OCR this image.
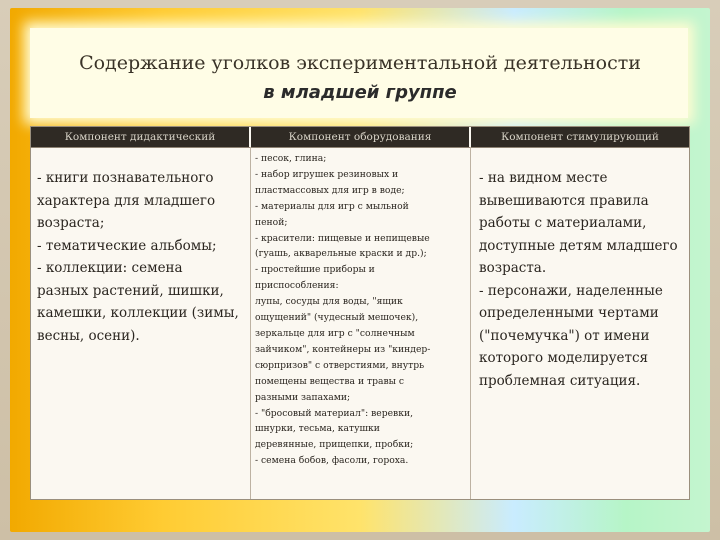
Содержание уголков экспериментальной деятельности
в младшей группе
Компонент дидактический	Компонент оборудования	Компонент стимулирующий

- книги познавательного
характера для младшего
возраста;
- тематические альбомы;
- коллекции: семена
разных растений, шишки,
камешки, коллекции (зимы,
весны, осени).

- песок, глина;
- набор игрушек резиновых и
пластмассовых для игр в воде;
- материалы для игр с мыльной
пеной;
- красители: пищевые и непищевые
(гуашь, акварельные краски и др.);
- простейшие приборы и
приспособления:
лупы, сосуды для воды, "ящик
ощущений" (чудесный мешочек),
зеркальце для игр с "солнечным
зайчиком", контейнеры из "киндер-
сюрпризов" с отверстиями, внутрь
помещены вещества и травы с
разными запахами;
- "бросовый материал": веревки,
шнурки, тесьма, катушки
деревянные, прищепки, пробки;
- семена бобов, фасоли, гороха.

- на видном месте
вывешиваются правила
работы с материалами,
доступные детям младшего
возраста.
- персонажи, наделенные
определенными чертами
("почемучка") от имени
которого моделируется
проблемная ситуация.
